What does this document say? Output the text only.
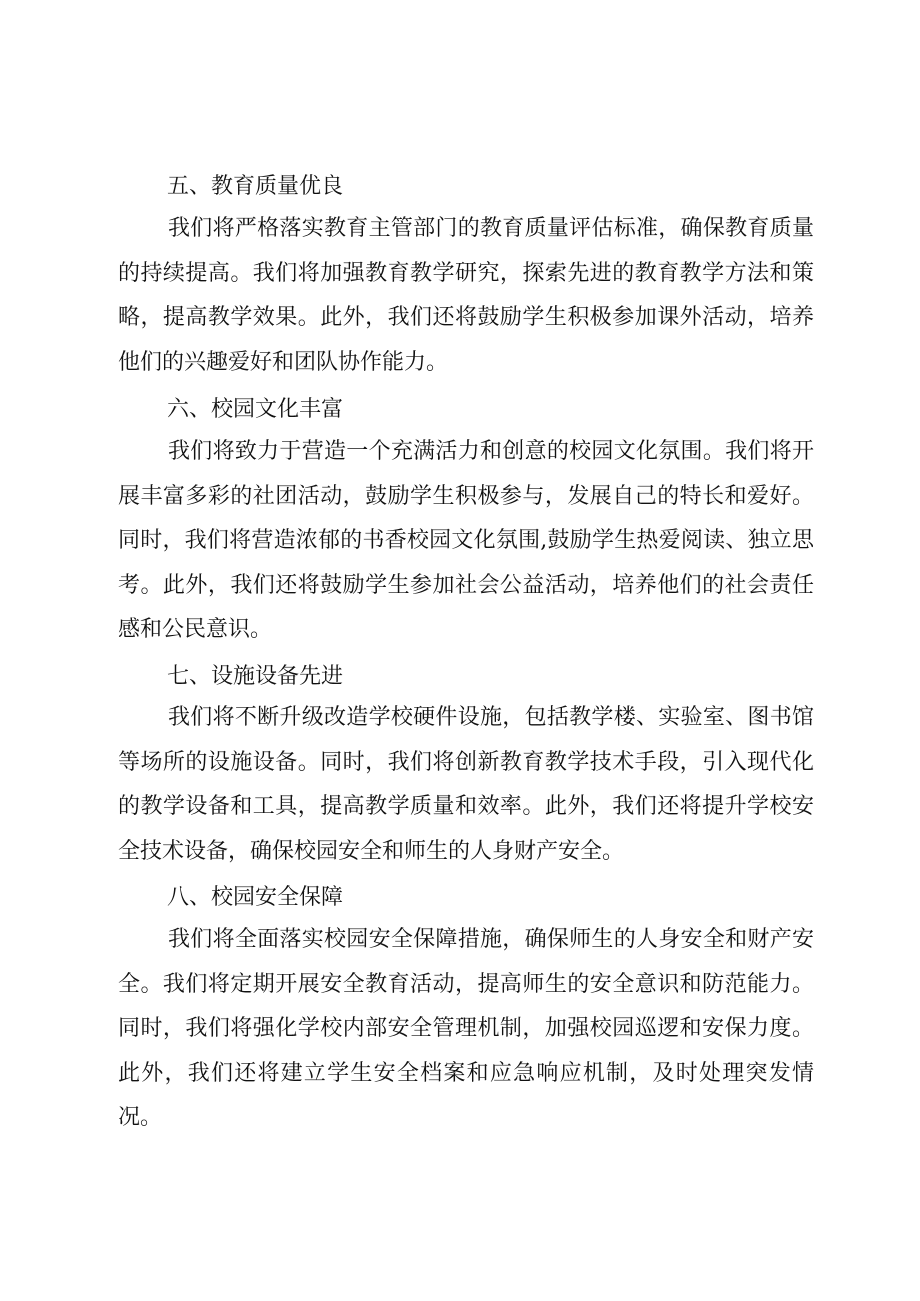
五、教育质量优良

我们将严格落实教育主管部门的教育质量评估标准，确保教育质量的持续提高。我们将加强教育教学研究，探索先进的教育教学方法和策略，提高教学效果。此外，我们还将鼓励学生积极参加课外活动，培养他们的兴趣爱好和团队协作能力。

六、校园文化丰富

我们将致力于营造一个充满活力和创意的校园文化氛围。我们将开展丰富多彩的社团活动，鼓励学生积极参与，发展自己的特长和爱好。同时，我们将营造浓郁的书香校园文化氛围,鼓励学生热爱阅读、独立思考。此外，我们还将鼓励学生参加社会公益活动，培养他们的社会责任感和公民意识。

七、设施设备先进

我们将不断升级改造学校硬件设施，包括教学楼、实验室、图书馆等场所的设施设备。同时，我们将创新教育教学技术手段，引入现代化的教学设备和工具，提高教学质量和效率。此外，我们还将提升学校安全技术设备，确保校园安全和师生的人身财产安全。

八、校园安全保障

我们将全面落实校园安全保障措施，确保师生的人身安全和财产安全。我们将定期开展安全教育活动，提高师生的安全意识和防范能力。同时，我们将强化学校内部安全管理机制，加强校园巡逻和安保力度。此外，我们还将建立学生安全档案和应急响应机制，及时处理突发情况。
